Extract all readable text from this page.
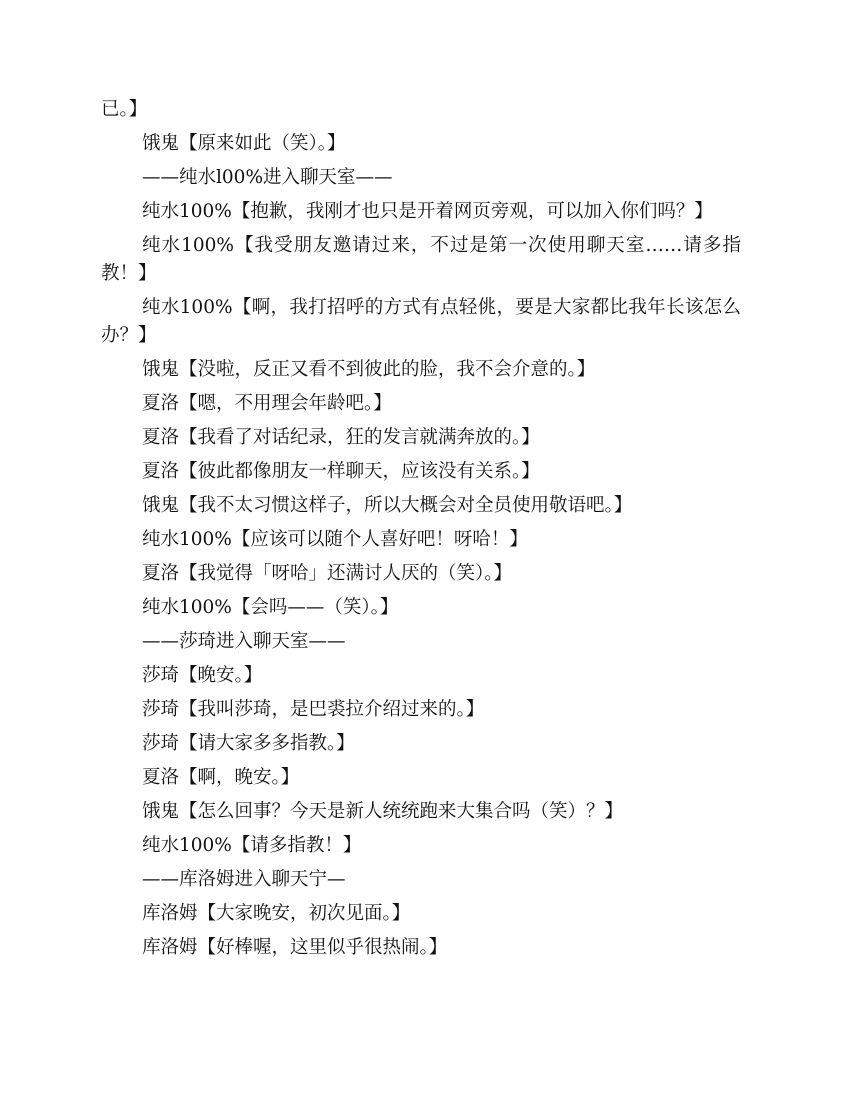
已。】

饿鬼【原来如此（笑）。】

——纯水l00%进入聊天室——

纯水100%【抱歉，我刚才也只是开着网页旁观，可以加入你们吗？】

纯水100%【我受朋友邀请过来，不过是第一次使用聊天室……请多指教！】

纯水100%【啊，我打招呼的方式有点轻佻，要是大家都比我年长该怎么办？】

饿鬼【没啦，反正又看不到彼此的脸，我不会介意的。】

夏洛【嗯，不用理会年龄吧。】

夏洛【我看了对话纪录，狂的发言就满奔放的。】

夏洛【彼此都像朋友一样聊天，应该没有关系。】

饿鬼【我不太习惯这样子，所以大概会对全员使用敬语吧。】

纯水100%【应该可以随个人喜好吧！呀哈！】

夏洛【我觉得「呀哈」还满讨人厌的（笑）。】

纯水100%【会吗——（笑）。】

——莎琦进入聊天室——

莎琦【晚安。】

莎琦【我叫莎琦，是巴裘拉介绍过来的。】

莎琦【请大家多多指教。】

夏洛【啊，晚安。】

饿鬼【怎么回事？今天是新人统统跑来大集合吗（笑）？】

纯水100%【请多指教！】

——库洛姆进入聊天宁—

库洛姆【大家晚安，初次见面。】

库洛姆【好棒喔，这里似乎很热闹。】
